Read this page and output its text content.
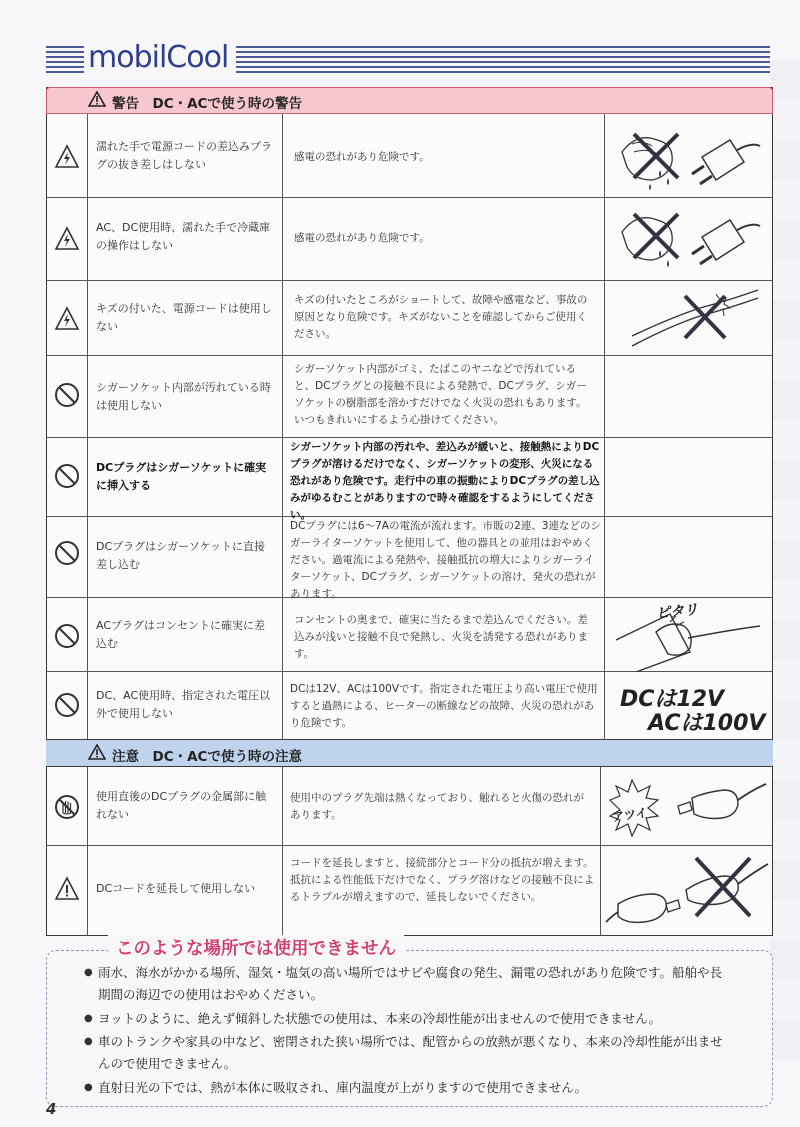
mobilCool
警告　DC・ACで使う時の警告
注意　DC・ACで使う時の注意
濡れた手で電源コードの差込みプラグの抜き差しはしない
感電の恐れがあり危険です。
AC、DC使用時、濡れた手で冷蔵庫の操作はしない
感電の恐れがあり危険です。
キズの付いた、電源コードは使用しない
キズの付いたところがショートして、故障や感電など、事故の原因となり危険です。キズがないことを確認してからご使用ください。
シガーソケット内部が汚れている時は使用しない
シガーソケット内部がゴミ、たばこのヤニなどで汚れていると、DCプラグとの接触不良による発熱で、DCプラグ、シガーソケットの樹脂部を溶かすだけでなく火災の恐れもあります。いつもきれいにするよう心掛けてください。
DCプラグはシガーソケットに確実に挿入する
シガーソケット内部の汚れや、差込みが緩いと、接触熱によりDCプラグが溶けるだけでなく、シガーソケットの変形、火災になる恐れがあり危険です。走行中の車の振動によりDCプラグの差し込みがゆるむことがありますので時々確認をするようにしてください。
DCプラグはシガーソケットに直接差し込む
DCプラグには6～7Aの電流が流れます。市販の2連、3連などのシガーライターソケットを使用して、他の器具との並用はおやめください。過電流による発熱や、接触抵抗の増大によりシガーライターソケット、DCプラグ、シガーソケットの溶け、発火の恐れがあります。
ACプラグはコンセントに確実に差込む
コンセントの奥まで、確実に当たるまで差込んでください。差込みが浅いと接触不良で発熱し、火災を誘発する恐れがあります。
ピタリ
DC、AC使用時、指定された電圧以外で使用しない
DCは12V、ACは100Vです。指定された電圧より高い電圧で使用すると過熱による、ヒーターの断線などの故障、火災の恐れがあり危険です。
DCは12V
ACは100V
使用直後のDCプラグの金属部に触れない
使用中のプラグ先端は熱くなっており、触れると火傷の恐れがあります。	アツイ
DCコードを延長して使用しない
コードを延長しますと、接続部分とコード分の抵抗が増えます。抵抗による性能低下だけでなく、プラグ溶けなどの接触不良によるトラブルが増えますので、延長しないでください。
このような場所では使用できません
● 雨水、海水がかかる場所、湿気・塩気の高い場所ではサビや腐食の発生、漏電の恐れがあり危険です。船舶や長期間の海辺での使用はおやめください。
● ヨットのように、絶えず傾斜した状態での使用は、本来の冷却性能が出ませんので使用できません。
● 車のトランクや家具の中など、密閉された狭い場所では、配管からの放熱が悪くなり、本来の冷却性能が出ませんので使用できません。
● 直射日光の下では、熱が本体に吸収され、庫内温度が上がりますので使用できません。
4
